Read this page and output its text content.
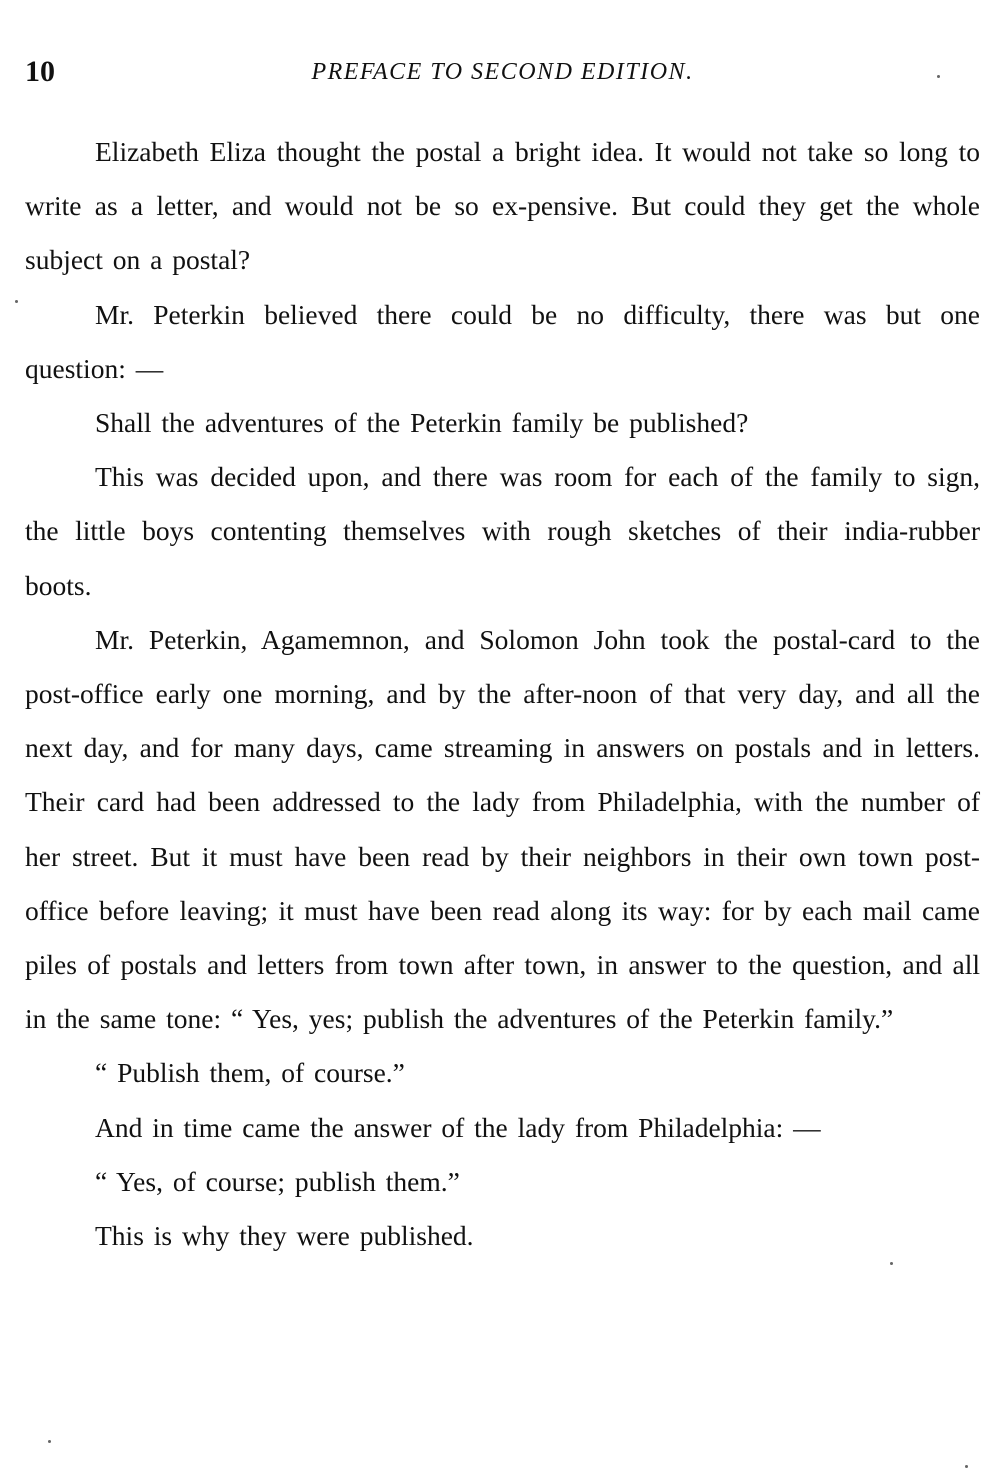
10	PREFACE TO SECOND EDITION.

Elizabeth Eliza thought the postal a bright idea. It would not take so long to write as a letter, and would not be so ex-pensive. But could they get the whole subject on a postal?

Mr. Peterkin believed there could be no difficulty, there was but one question: —

Shall the adventures of the Peterkin family be published?

This was decided upon, and there was room for each of the family to sign, the little boys contenting themselves with rough sketches of their india-rubber boots.

Mr. Peterkin, Agamemnon, and Solomon John took the postal-card to the post-office early one morning, and by the after-noon of that very day, and all the next day, and for many days, came streaming in answers on postals and in letters. Their card had been addressed to the lady from Philadelphia, with the number of her street. But it must have been read by their neighbors in their own town post-office before leaving; it must have been read along its way: for by each mail came piles of postals and letters from town after town, in answer to the question, and all in the same tone: “ Yes, yes; publish the adventures of the Peterkin family.”

“ Publish them, of course.”

And in time came the answer of the lady from Philadelphia: —

“ Yes, of course; publish them.”

This is why they were published.
